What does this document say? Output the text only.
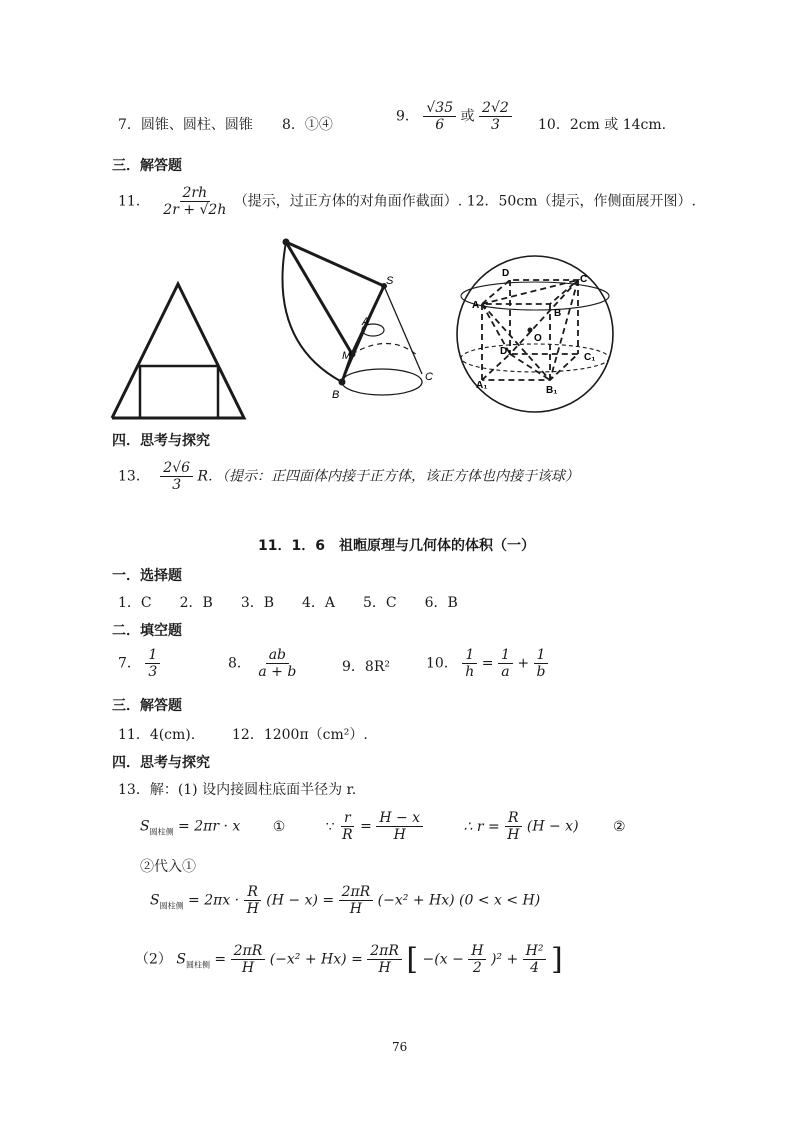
7．圆锥、圆柱、圆锥 8．①④
9． $\frac{√35}{6}$ 或 $\frac{2√2}{3} 10$．2cm 或 14cm.
三．解答题
11． $\frac{2rh}{2r + √2h}$ （提示，过正方体的对角面作截面）. 12．50cm（提示，作侧面展开图）.
S
A
M
B
C
D
C
A
B
O
D₁
C₁
A₁	B₁
四．思考与探究
13． $\frac{2√6}{3}$ R．（提示：正四面体内接于正方体，该正方体也内接于该球）
11．1．6　祖暅原理与几何体的体积（一）
一．选择题
1．C　　2．B　　3．B　　4．A　　5．C　　6．B
二．填空题
7． $\frac{1}{3}$	8． $\frac{ab}{a + b}$	9．8R²	10． $\frac{1}{h} = \frac{1}{a} + \frac{1}{b}$
三．解答题
11．4(cm).	12．1200π（cm²）.
四．思考与探究
13．解：(1) 设内接圆柱底面半径为 r.
$S_{圆柱侧} = 2\pi r \cdot x$ ①	∵ $\frac{r}{R} = \frac{H - x}{H}$	∴ $r = \frac{R}{H} (H - x)$ ②
②代入①
$S_{圆柱侧} = 2\pi x \cdot \frac{R}{H} (H - x) = \frac{2\pi R}{H} (-x^2 + Hx) (0 < x < H)$
（2） $S_{圆柱侧} = \frac{2\pi R}{H} (-x^2 + Hx) = \frac{2\pi R}{H}$ [ $-(x - \frac{H}{2} )^2 + \frac{\text{H²}}{4}$ ]
76
